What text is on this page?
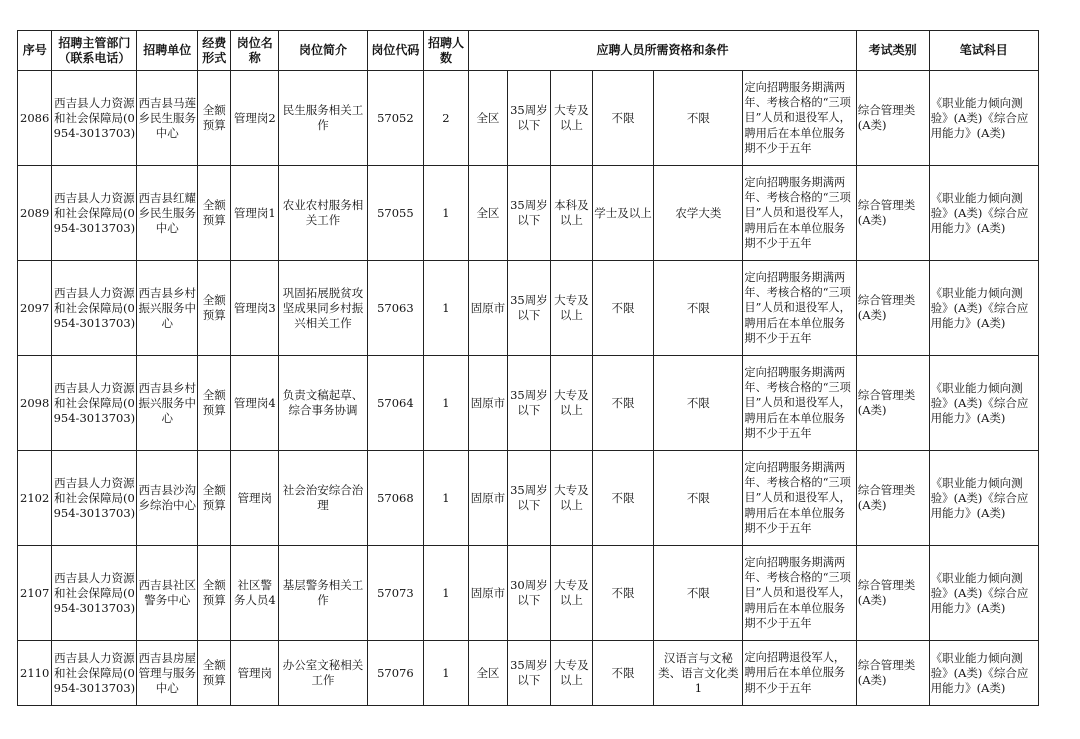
序号	招聘主管部门（联系电话）	招聘单位	经费形式	岗位名称	岗位简介	岗位代码	招聘人数	应聘人员所需资格和条件						考试类别	笔试科目
2086	西吉县人力资源和社会保障局(0954-3013703)	西吉县马莲乡民生服务中心	全额预算	管理岗2	民生服务相关工作	57052	2	全区	35周岁以下	大专及以上	不限	不限	定向招聘服务期满两年、考核合格的“三项目”人员和退役军人，聘用后在本单位服务期不少于五年	综合管理类(A类)	《职业能力倾向测验》(A类)《综合应用能力》(A类)
2089	西吉县人力资源和社会保障局(0954-3013703)	西吉县红耀乡民生服务中心	全额预算	管理岗1	农业农村服务相关工作	57055	1	全区	35周岁以下	本科及以上	学士及以上	农学大类	定向招聘服务期满两年、考核合格的“三项目”人员和退役军人，聘用后在本单位服务期不少于五年	综合管理类(A类)	《职业能力倾向测验》(A类)《综合应用能力》(A类)
2097	西吉县人力资源和社会保障局(0954-3013703)	西吉县乡村振兴服务中心	全额预算	管理岗3	巩固拓展脱贫攻坚成果同乡村振兴相关工作	57063	1	固原市	35周岁以下	大专及以上	不限	不限	定向招聘服务期满两年、考核合格的“三项目”人员和退役军人，聘用后在本单位服务期不少于五年	综合管理类(A类)	《职业能力倾向测验》(A类)《综合应用能力》(A类)
2098	西吉县人力资源和社会保障局(0954-3013703)	西吉县乡村振兴服务中心	全额预算	管理岗4	负责文稿起草、综合事务协调	57064	1	固原市	35周岁以下	大专及以上	不限	不限	定向招聘服务期满两年、考核合格的“三项目”人员和退役军人，聘用后在本单位服务期不少于五年	综合管理类(A类)	《职业能力倾向测验》(A类)《综合应用能力》(A类)
2102	西吉县人力资源和社会保障局(0954-3013703)	西吉县沙沟乡综治中心	全额预算	管理岗	社会治安综合治理	57068	1	固原市	35周岁以下	大专及以上	不限	不限	定向招聘服务期满两年、考核合格的“三项目”人员和退役军人，聘用后在本单位服务期不少于五年	综合管理类(A类)	《职业能力倾向测验》(A类)《综合应用能力》(A类)
2107	西吉县人力资源和社会保障局(0954-3013703)	西吉县社区警务中心	全额预算	社区警务人员4	基层警务相关工作	57073	1	固原市	30周岁以下	大专及以上	不限	不限	定向招聘服务期满两年、考核合格的“三项目”人员和退役军人，聘用后在本单位服务期不少于五年	综合管理类(A类)	《职业能力倾向测验》(A类)《综合应用能力》(A类)
2110	西吉县人力资源和社会保障局(0954-3013703)	西吉县房屋管理与服务中心	全额预算	管理岗	办公室文秘相关工作	57076	1	全区	35周岁以下	大专及以上	不限	汉语言与文秘类、语言文化类1	定向招聘退役军人，聘用后在本单位服务期不少于五年	综合管理类(A类)	《职业能力倾向测验》(A类)《综合应用能力》(A类)
